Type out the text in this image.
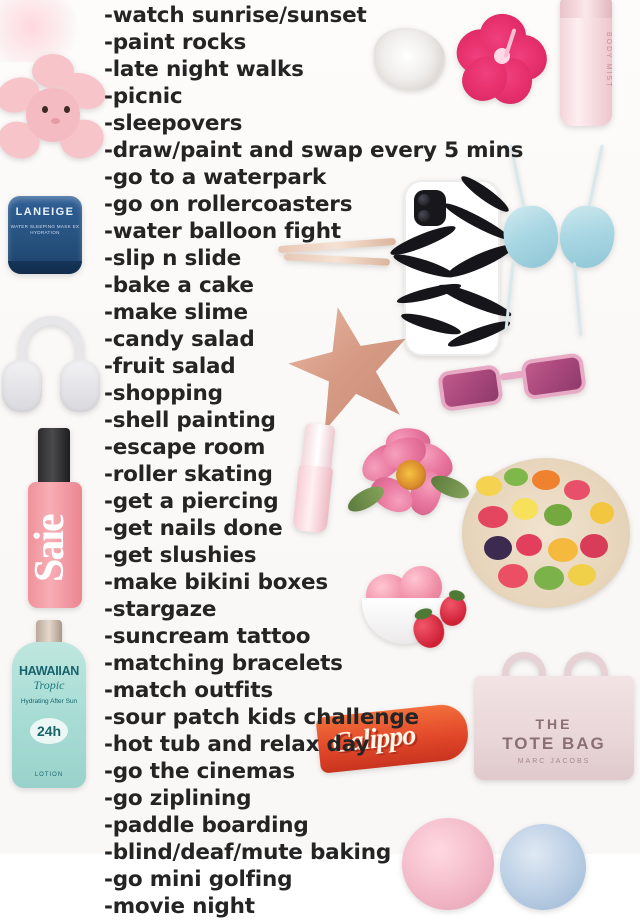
LANEIGE
WATER SLEEPING MASK EX HYDRATION
Saie
HAWAIIAN
Tropic
Hydrating After Sun
24h
LOTION
BODY MIST
Calippo	THE
TOTE BAG
MARC JACOBS
-watch sunrise/sunset
-paint rocks
-late night walks
-picnic
-sleepovers
-draw/paint and swap every 5 mins
-go to a waterpark
-go on rollercoasters
-water balloon fight
-slip n slide
-bake a cake
-make slime
-candy salad
-fruit salad
-shopping
-shell painting
-escape room
-roller skating
-get a piercing
-get nails done
-get slushies
-make bikini boxes
-stargaze
-suncream tattoo
-matching bracelets
-match outfits
-sour patch kids challenge
-hot tub and relax day
-go the cinemas
-go ziplining
-paddle boarding
-blind/deaf/mute baking
-go mini golfing
-movie night
